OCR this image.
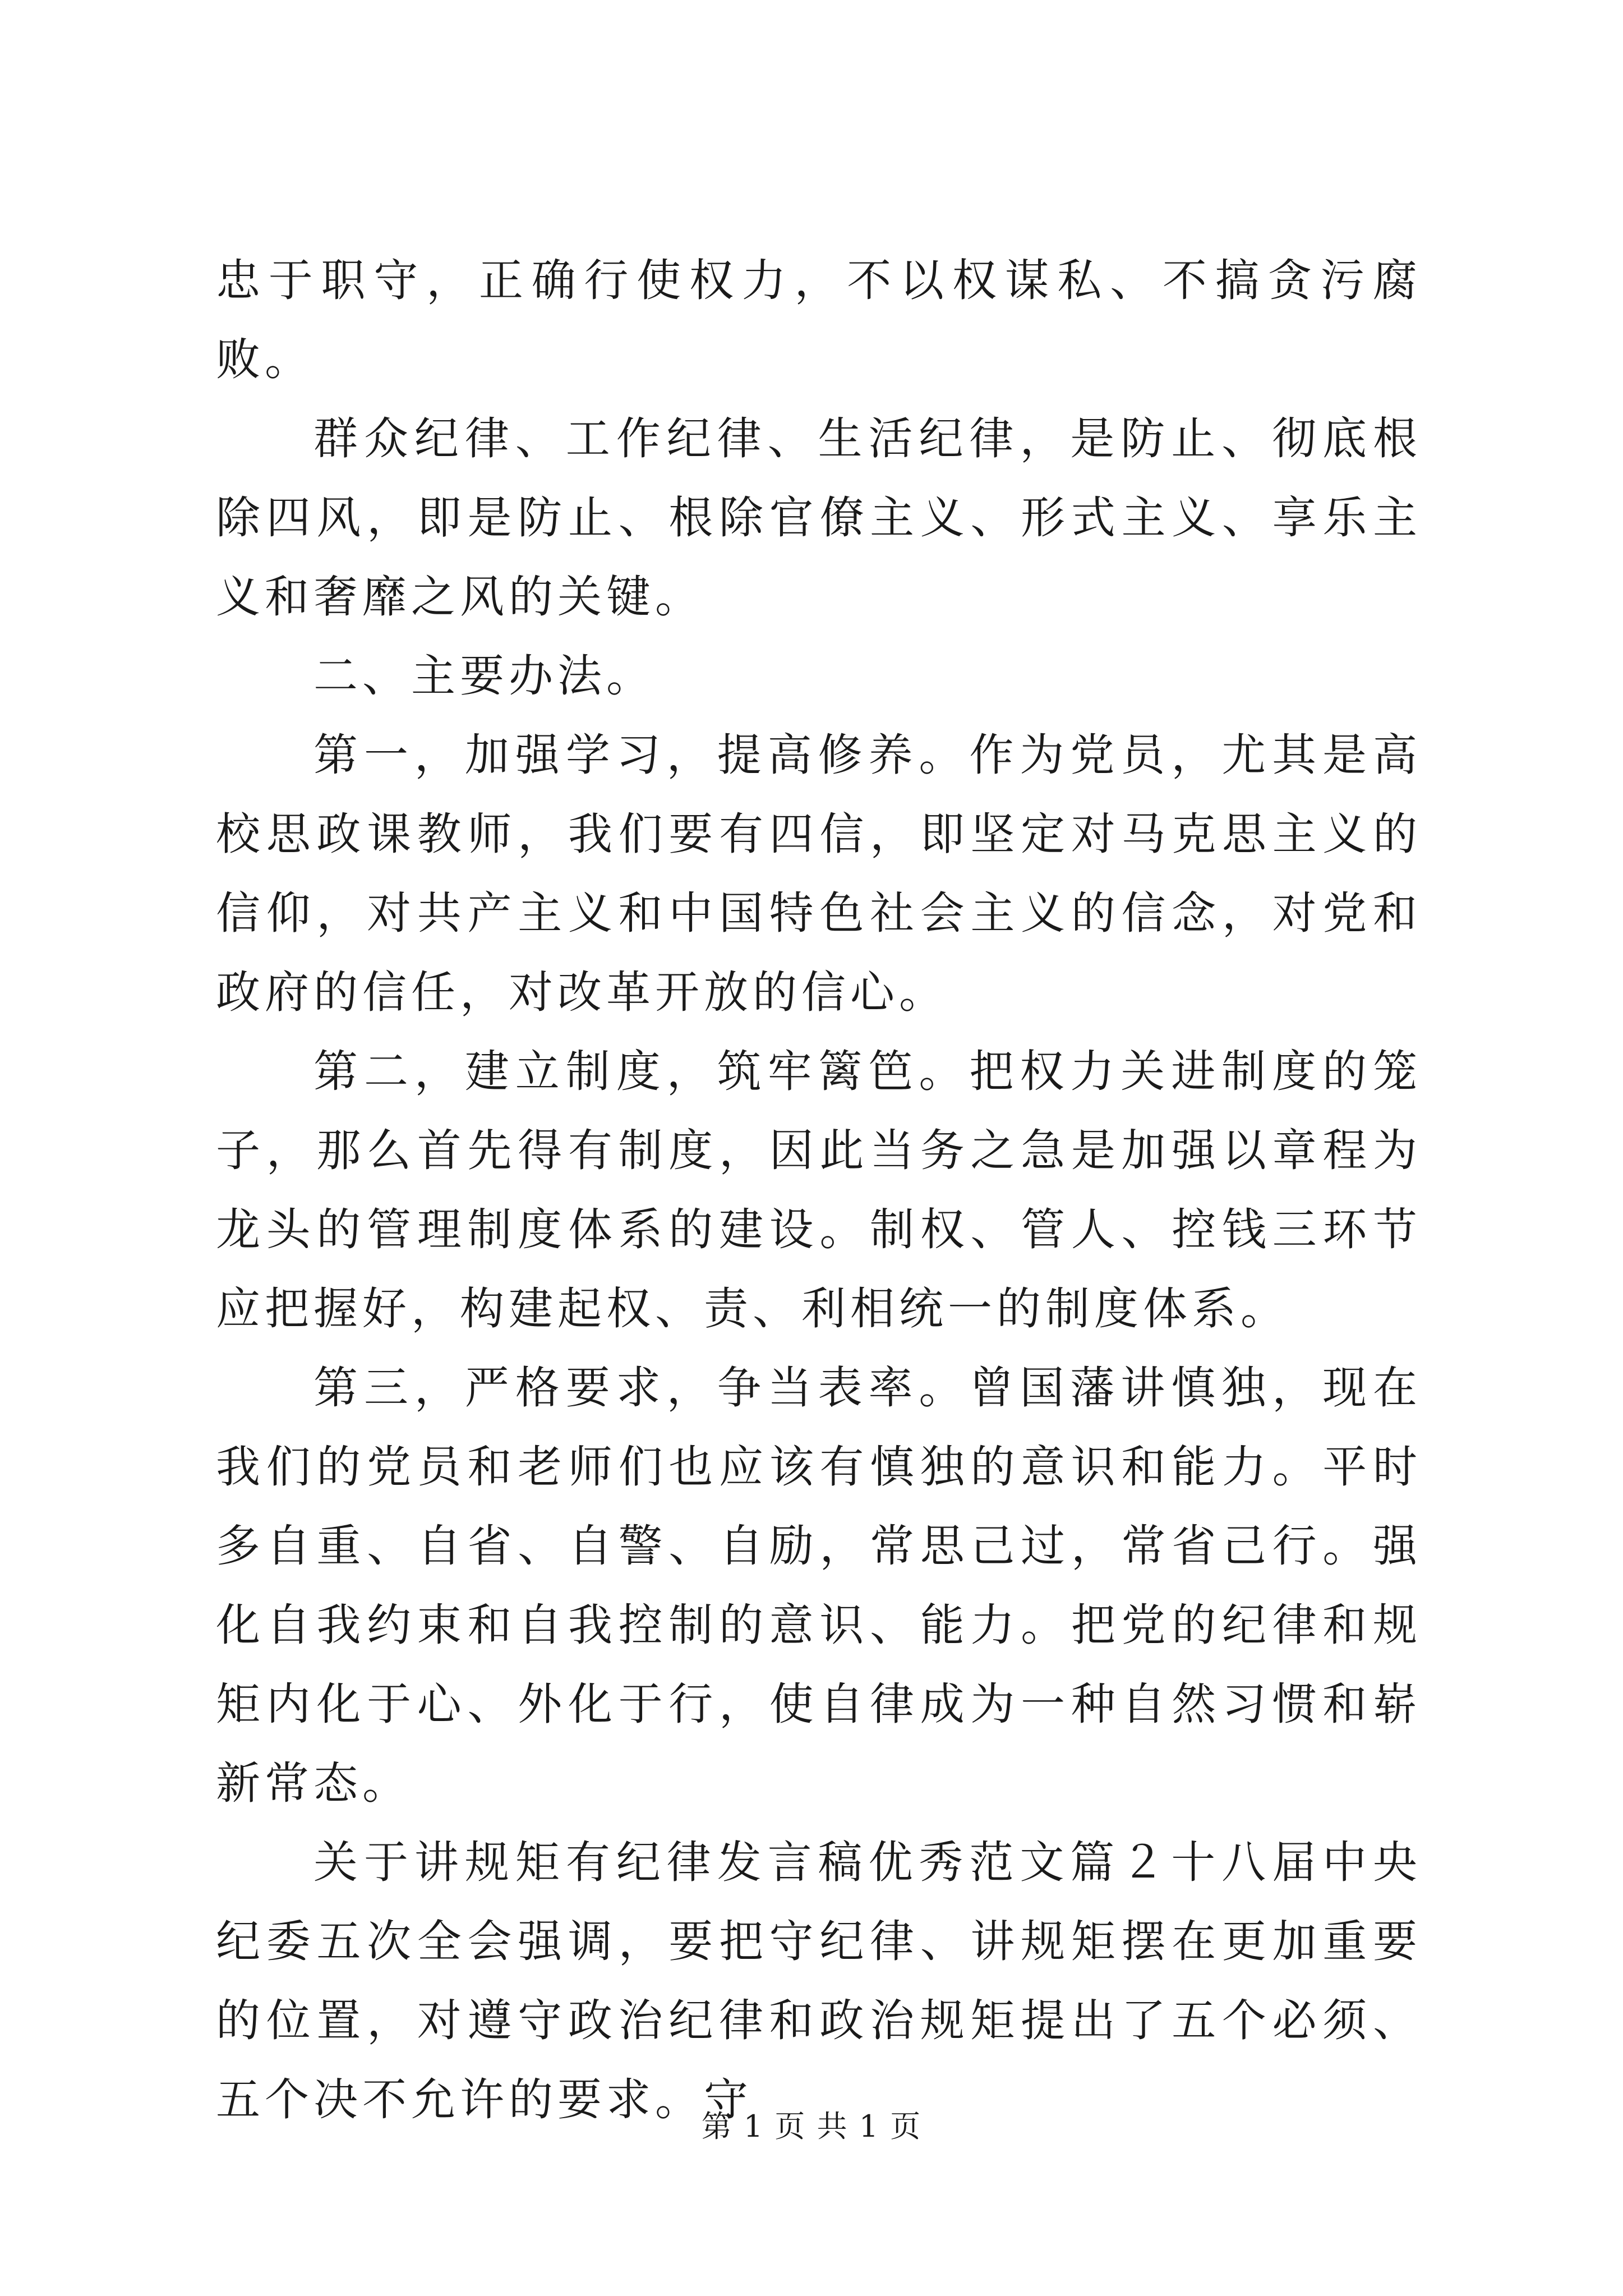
忠于职守，正确行使权力，不以权谋私、不搞贪污腐败。

群众纪律、工作纪律、生活纪律，是防止、彻底根除四风，即是防止、根除官僚主义、形式主义、享乐主义和奢靡之风的关键。

二、主要办法。

第一，加强学习，提高修养。作为党员，尤其是高校思政课教师，我们要有四信，即坚定对马克思主义的信仰，对共产主义和中国特色社会主义的信念，对党和政府的信任，对改革开放的信心。

第二，建立制度，筑牢篱笆。把权力关进制度的笼子，那么首先得有制度，因此当务之急是加强以章程为龙头的管理制度体系的建设。制权、管人、控钱三环节应把握好，构建起权、责、利相统一的制度体系。

第三，严格要求，争当表率。曾国藩讲慎独，现在我们的党员和老师们也应该有慎独的意识和能力。平时多自重、自省、自警、自励，常思己过，常省己行。强化自我约束和自我控制的意识、能力。把党的纪律和规矩内化于心、外化于行，使自律成为一种自然习惯和崭新常态。

关于讲规矩有纪律发言稿优秀范文篇２十八届中央纪委五次全会强调，要把守纪律、讲规矩摆在更加重要的位置，对遵守政治纪律和政治规矩提出了五个必须、五个决不允许的要求。守

第 1 页 共 1 页
